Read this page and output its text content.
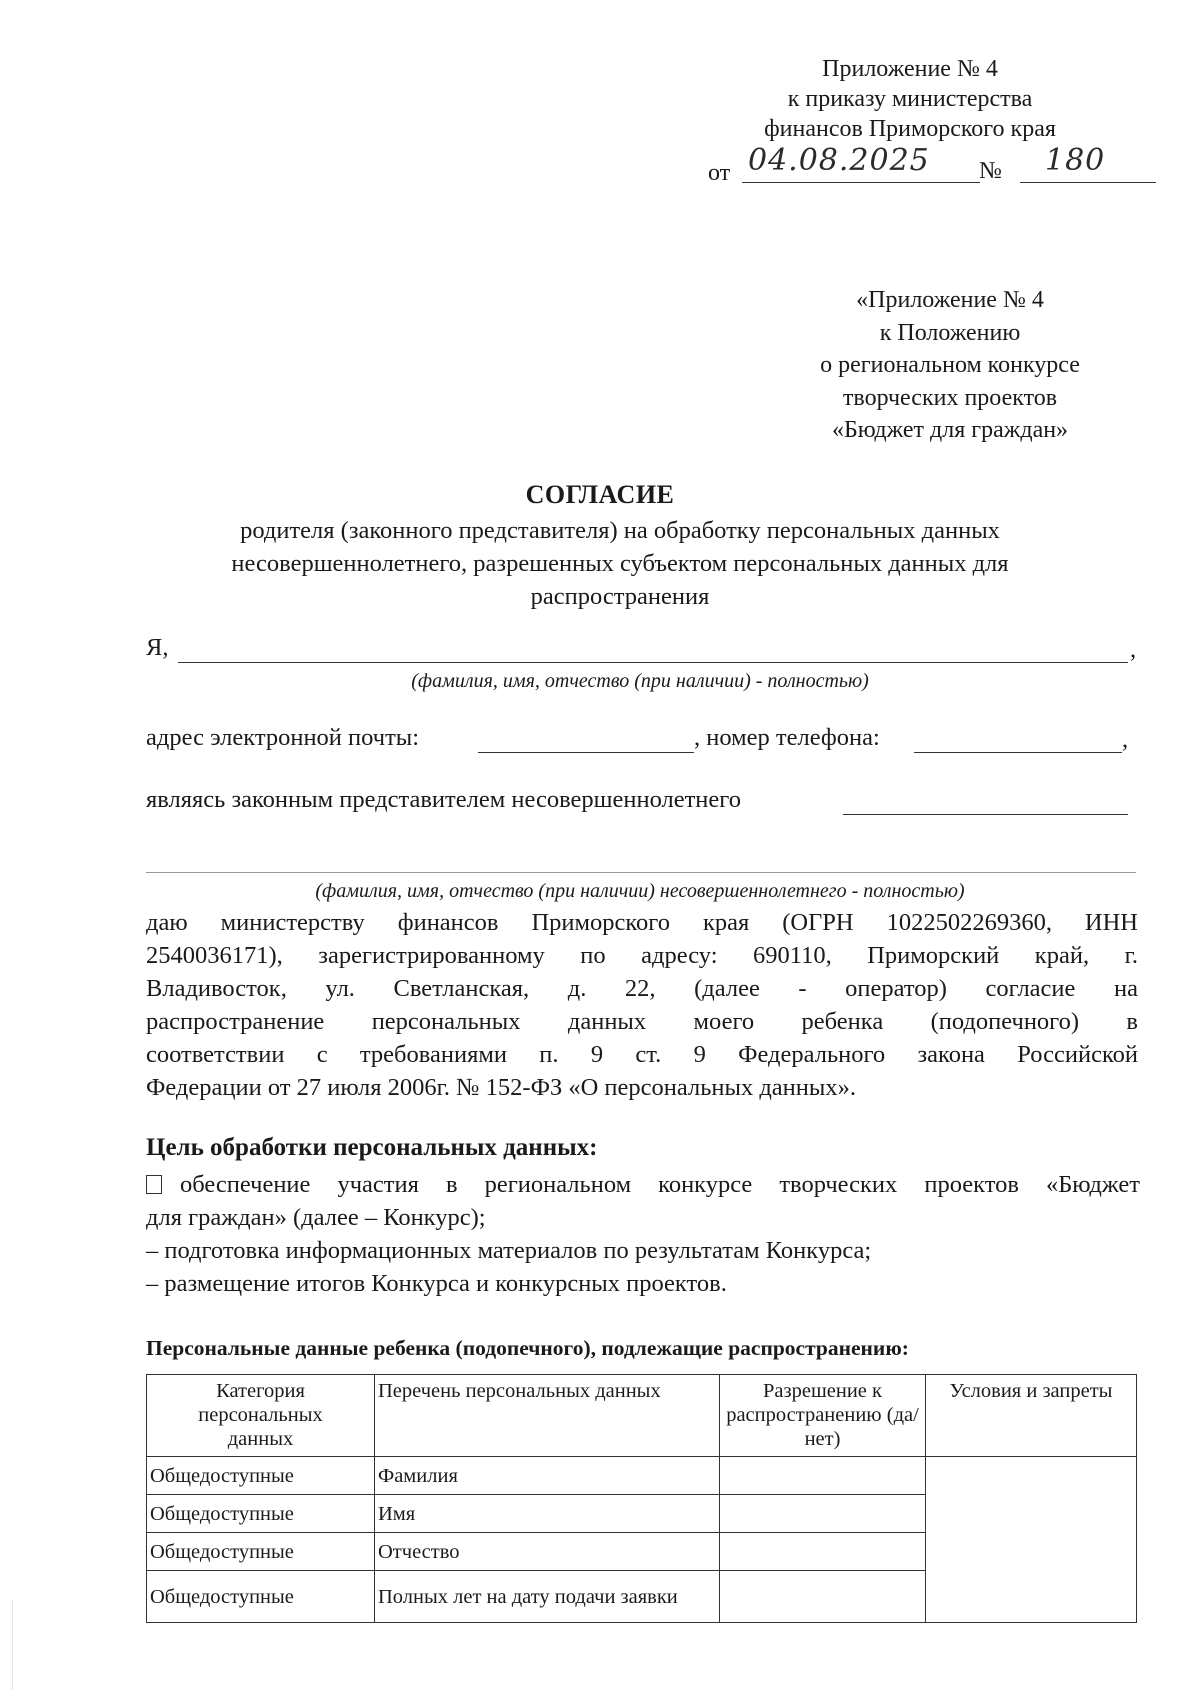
Приложение № 4
к приказу министерства
финансов Приморского края
от 04.08.2025 № 180
«Приложение № 4
к Положению
о региональном конкурсе
творческих проектов
«Бюджет для граждан»
СОГЛАСИЕ
родителя (законного представителя) на обработку персональных данных
несовершеннолетнего, разрешенных субъектом персональных данных для
распространения
Я,	,
(фамилия, имя, отчество (при наличии) - полностью)
адрес электронной почты:	, номер телефона:	,
являясь законным представителем несовершеннолетнего
(фамилия, имя, отчество (при наличии) несовершеннолетнего - полностью)
даю министерству финансов Приморского края (ОГРН 1022502269360, ИНН
2540036171), зарегистрированному по адресу: 690110, Приморский край, г.
Владивосток, ул. Светланская, д. 22, (далее - оператор) согласие на
распространение персональных данных моего ребенка (подопечного) в
соответствии с требованиями п. 9 ст. 9 Федерального закона Российской
Федерации от 27 июля 2006г. № 152-ФЗ «О персональных данных».
Цель обработки персональных данных:
обеспечение участия в региональном конкурсе творческих проектов «Бюджет
для граждан» (далее – Конкурс);
– подготовка информационных материалов по результатам Конкурса;
– размещение итогов Конкурса и конкурсных проектов.
Персональные данные ребенка (подопечного), подлежащие распространению:
Категория персональных данных	Перечень персональных данных	Разрешение к распространению (да/нет)	Условия и запреты
Общедоступные	Фамилия		
Общедоступные	Имя		
Общедоступные	Отчество		
Общедоступные	Полных лет на дату подачи заявки		
